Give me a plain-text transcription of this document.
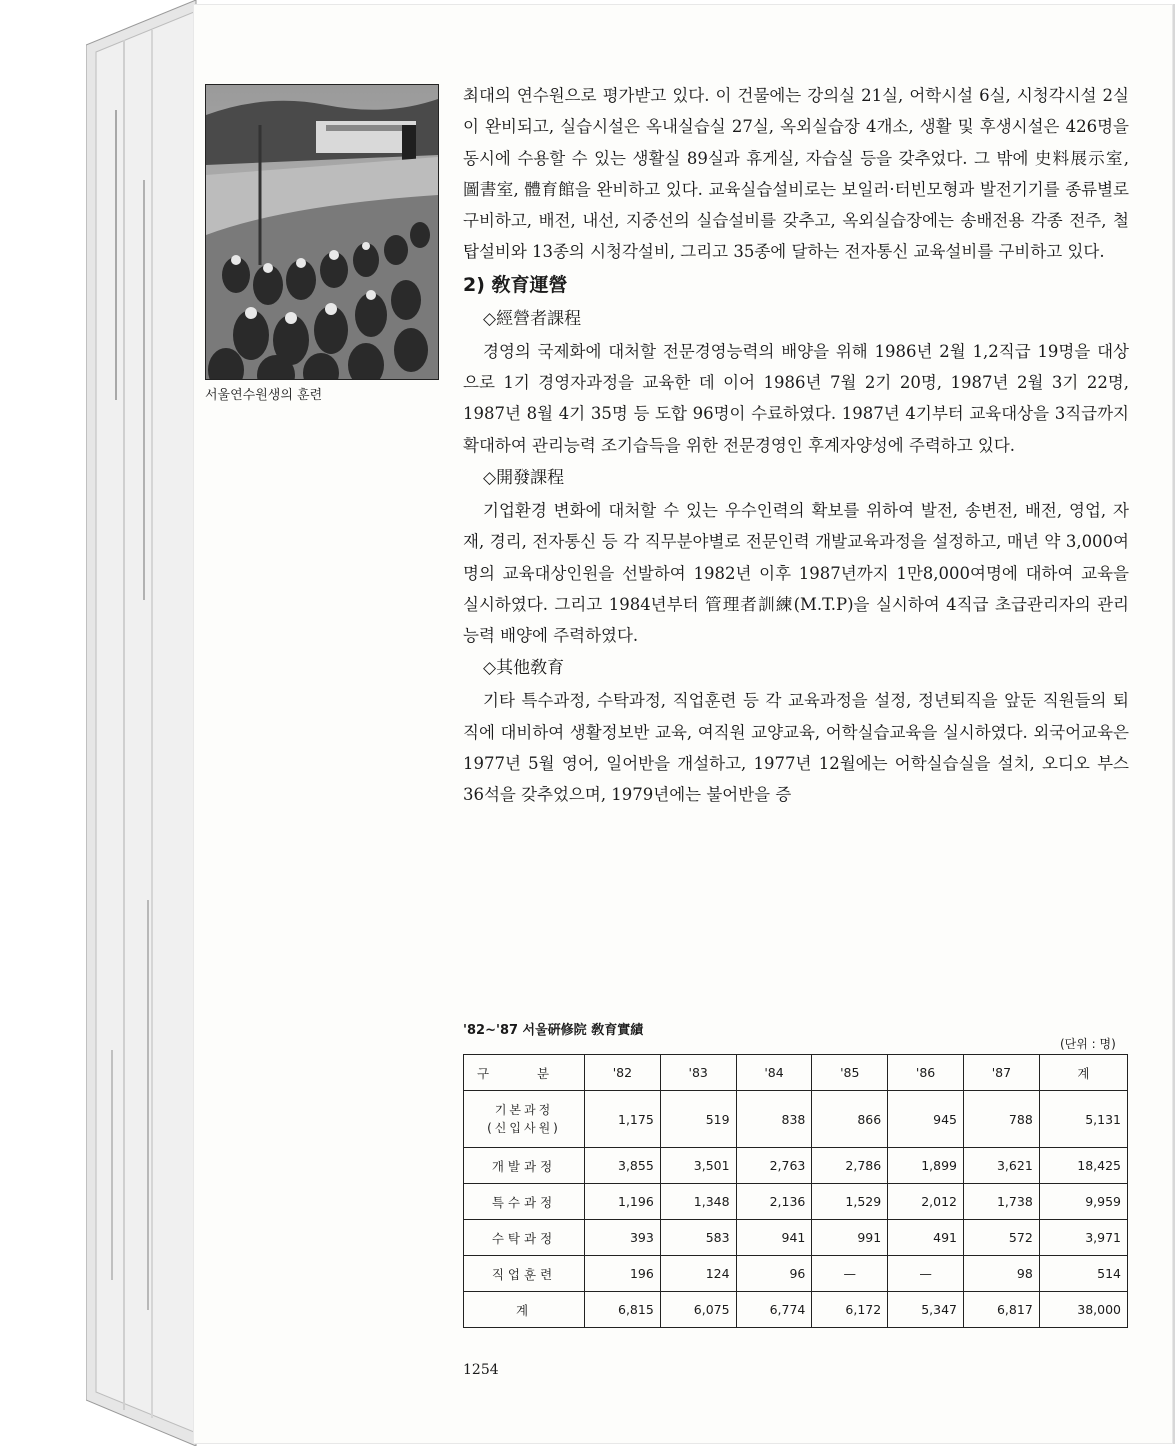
서울연수원생의 훈련

최대의 연수원으로 평가받고 있다. 이 건물에는 강의실 21실, 어학시설 6실, 시청각시설 2실이 완비되고, 실습시설은 옥내실습실 27실, 옥외실습장 4개소, 생활 및 후생시설은 426명을 동시에 수용할 수 있는 생활실 89실과 휴게실, 자습실 등을 갖추었다. 그 밖에 史料展示室, 圖書室, 體育館을 완비하고 있다. 교육실습설비로는 보일러·터빈모형과 발전기기를 종류별로 구비하고, 배전, 내선, 지중선의 실습설비를 갖추고, 옥외실습장에는 송배전용 각종 전주, 철탑설비와 13종의 시청각설비, 그리고 35종에 달하는 전자통신 교육설비를 구비하고 있다.

2) 敎育運營

◇經營者課程

경영의 국제화에 대처할 전문경영능력의 배양을 위해 1986년 2월 1,2직급 19명을 대상으로 1기 경영자과정을 교육한 데 이어 1986년 7월 2기 20명, 1987년 2월 3기 22명, 1987년 8월 4기 35명 등 도합 96명이 수료하였다. 1987년 4기부터 교육대상을 3직급까지 확대하여 관리능력 조기습득을 위한 전문경영인 후계자양성에 주력하고 있다.

◇開發課程

기업환경 변화에 대처할 수 있는 우수인력의 확보를 위하여 발전, 송변전, 배전, 영업, 자재, 경리, 전자통신 등 각 직무분야별로 전문인력 개발교육과정을 설정하고, 매년 약 3,000여명의 교육대상인원을 선발하여 1982년 이후 1987년까지 1만8,000여명에 대하여 교육을 실시하였다. 그리고 1984년부터 管理者訓練(M.T.P)을 실시하여 4직급 초급관리자의 관리능력 배양에 주력하였다.

◇其他敎育

기타 특수과정, 수탁과정, 직업훈련 등 각 교육과정을 설정, 정년퇴직을 앞둔 직원들의 퇴직에 대비하여 생활정보반 교육, 여직원 교양교육, 어학실습교육을 실시하였다. 외국어교육은 1977년 5월 영어, 일어반을 개설하고, 1977년 12월에는 어학실습실을 설치, 오디오 부스 36석을 갖추었으며, 1979년에는 불어반을 증

'82~'87 서울硏修院 敎育實績
(단위 : 명)
구 분	'82	'83	'84	'85	'86	'87	계

기본과정
(신입사원)	1,175	519	838	866	945	788	5,131
개발과정	3,855	3,501	2,763	2,786	1,899	3,621	18,425
특수과정	1,196	1,348	2,136	1,529	2,012	1,738	9,959
수탁과정	393	583	941	991	491	572	3,971
직업훈련	196	124	96	—	—	98	514
계	6,815	6,075	6,774	6,172	5,347	6,817	38,000
1254
